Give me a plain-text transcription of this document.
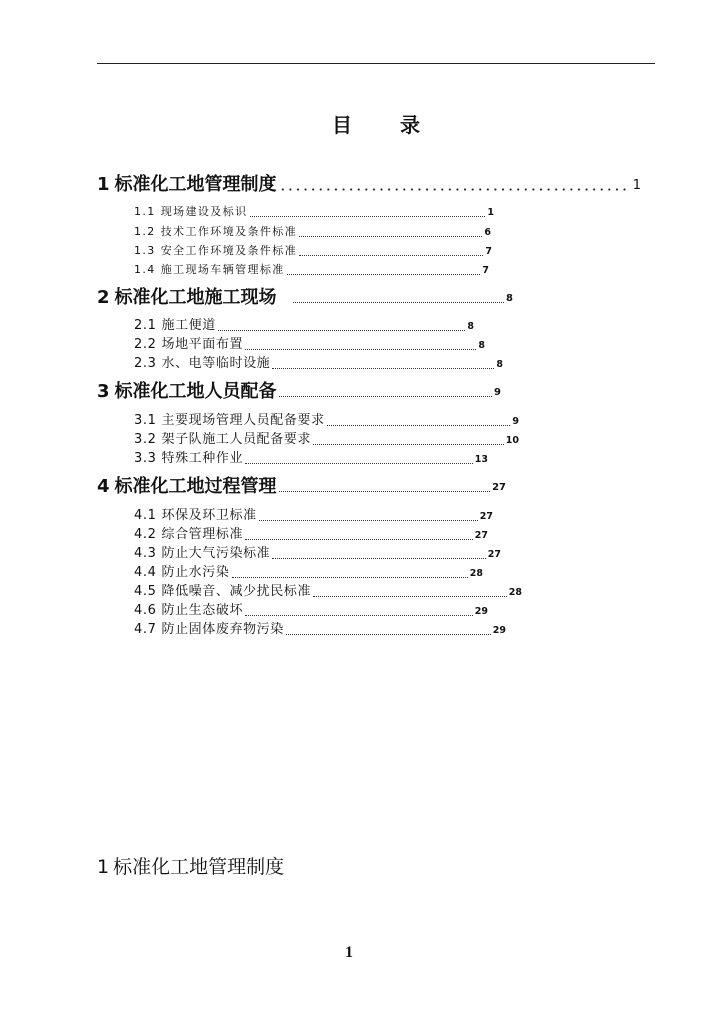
目　录
1 标准化工地管理制度	1
1.1 现场建设及标识	1
1.2 技术工作环境及条件标准	6
1.3 安全工作环境及条件标准	7
1.4 施工现场车辆管理标准	7
2 标准化工地施工现场	8
2.1 施工便道	8
2.2 场地平面布置	8
2.3 水、电等临时设施	8
3 标准化工地人员配备	9
3.1 主要现场管理人员配备要求	9
3.2 架子队施工人员配备要求	10
3.3 特殊工种作业	13
4 标准化工地过程管理	27
4.1 环保及环卫标准	27
4.2 综合管理标准	27
4.3 防止大气污染标准	27
4.4 防止水污染	28
4.5 降低噪音、减少扰民标准	28
4.6 防止生态破坏	29
4.7 防止固体废弃物污染	29
1 标准化工地管理制度
1
